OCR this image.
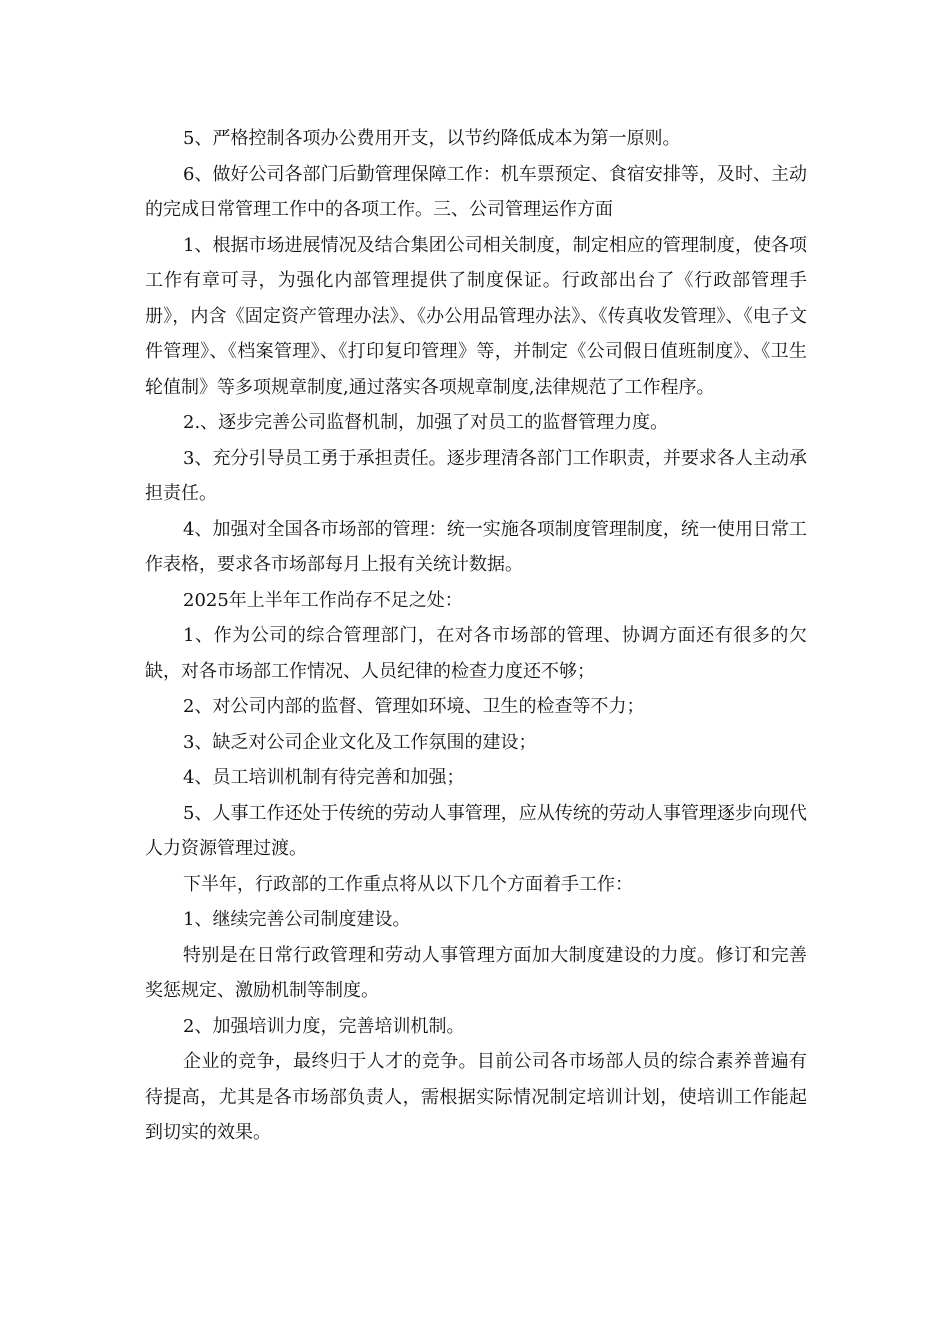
5、严格控制各项办公费用开支，以节约降低成本为第一原则。

6、做好公司各部门后勤管理保障工作：机车票预定、食宿安排等，及时、主动的完成日常管理工作中的各项工作。三、公司管理运作方面

1、根据市场进展情况及结合集团公司相关制度，制定相应的管理制度，使各项工作有章可寻，为强化内部管理提供了制度保证。行政部出台了《行政部管理手册》，内含《固定资产管理办法》、《办公用品管理办法》、《传真收发管理》、《电子文件管理》、《档案管理》、《打印复印管理》等，并制定《公司假日值班制度》、《卫生轮值制》等多项规章制度,通过落实各项规章制度,法律规范了工作程序。

2.、逐步完善公司监督机制，加强了对员工的监督管理力度。

3、充分引导员工勇于承担责任。逐步理清各部门工作职责，并要求各人主动承担责任。

4、加强对全国各市场部的管理：统一实施各项制度管理制度，统一使用日常工作表格，要求各市场部每月上报有关统计数据。

2025年上半年工作尚存不足之处：

1、作为公司的综合管理部门，在对各市场部的管理、协调方面还有很多的欠缺，对各市场部工作情况、人员纪律的检查力度还不够；

2、对公司内部的监督、管理如环境、卫生的检查等不力；

3、缺乏对公司企业文化及工作氛围的建设；

4、员工培训机制有待完善和加强；

5、人事工作还处于传统的劳动人事管理，应从传统的劳动人事管理逐步向现代人力资源管理过渡。

下半年，行政部的工作重点将从以下几个方面着手工作：

1、继续完善公司制度建设。

特别是在日常行政管理和劳动人事管理方面加大制度建设的力度。修订和完善奖惩规定、激励机制等制度。

2、加强培训力度，完善培训机制。

企业的竞争，最终归于人才的竞争。目前公司各市场部人员的综合素养普遍有待提高，尤其是各市场部负责人，需根据实际情况制定培训计划，使培训工作能起到切实的效果。
